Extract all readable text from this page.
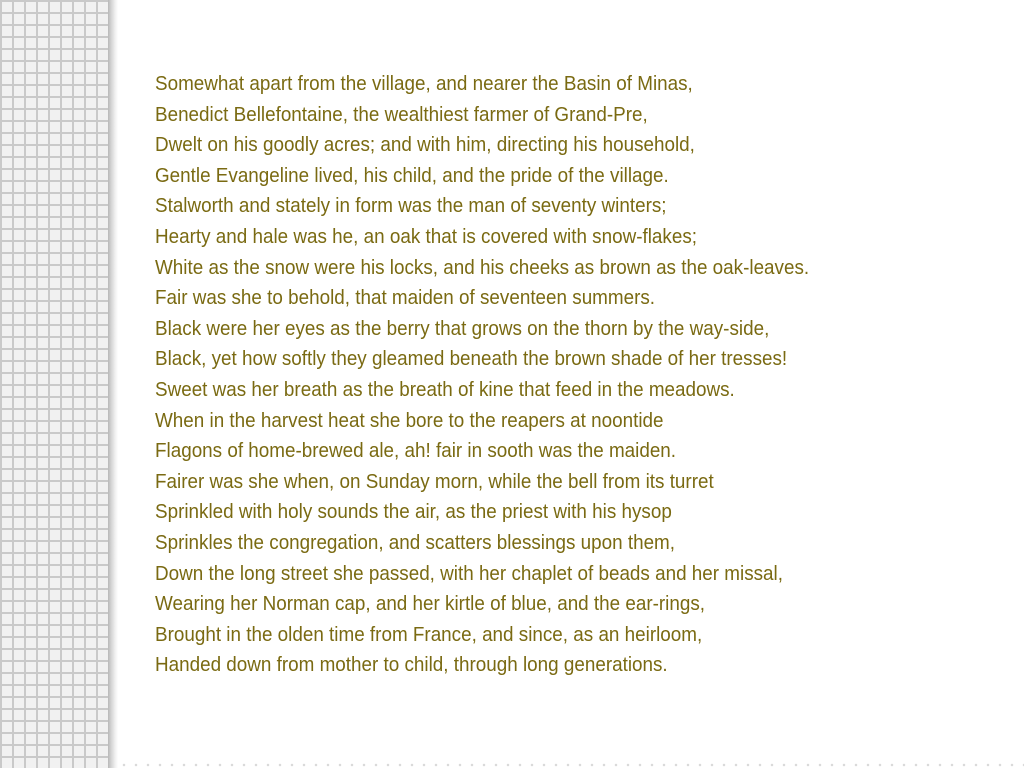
Somewhat apart from the village, and nearer the Basin of Minas,
Benedict Bellefontaine, the wealthiest farmer of Grand-Pre,
Dwelt on his goodly acres; and with him, directing his household,
Gentle Evangeline lived, his child, and the pride of the village.
Stalworth and stately in form was the man of seventy winters;
Hearty and hale was he, an oak that is covered with snow-flakes;
White as the snow were his locks, and his cheeks as brown as the oak-leaves.
Fair was she to behold, that maiden of seventeen summers.
Black were her eyes as the berry that grows on the thorn by the way-side,
Black, yet how softly they gleamed beneath the brown shade of her tresses!
Sweet was her breath as the breath of kine that feed in the meadows.
When in the harvest heat she bore to the reapers at noontide
Flagons of home-brewed ale, ah! fair in sooth was the maiden.
Fairer was she when, on Sunday morn, while the bell from its turret
Sprinkled with holy sounds the air, as the priest with his hysop
Sprinkles the congregation, and scatters blessings upon them,
Down the long street she passed, with her chaplet of beads and her missal,
Wearing her Norman cap, and her kirtle of blue, and the ear-rings,
Brought in the olden time from France, and since, as an heirloom,
Handed down from mother to child, through long generations.
